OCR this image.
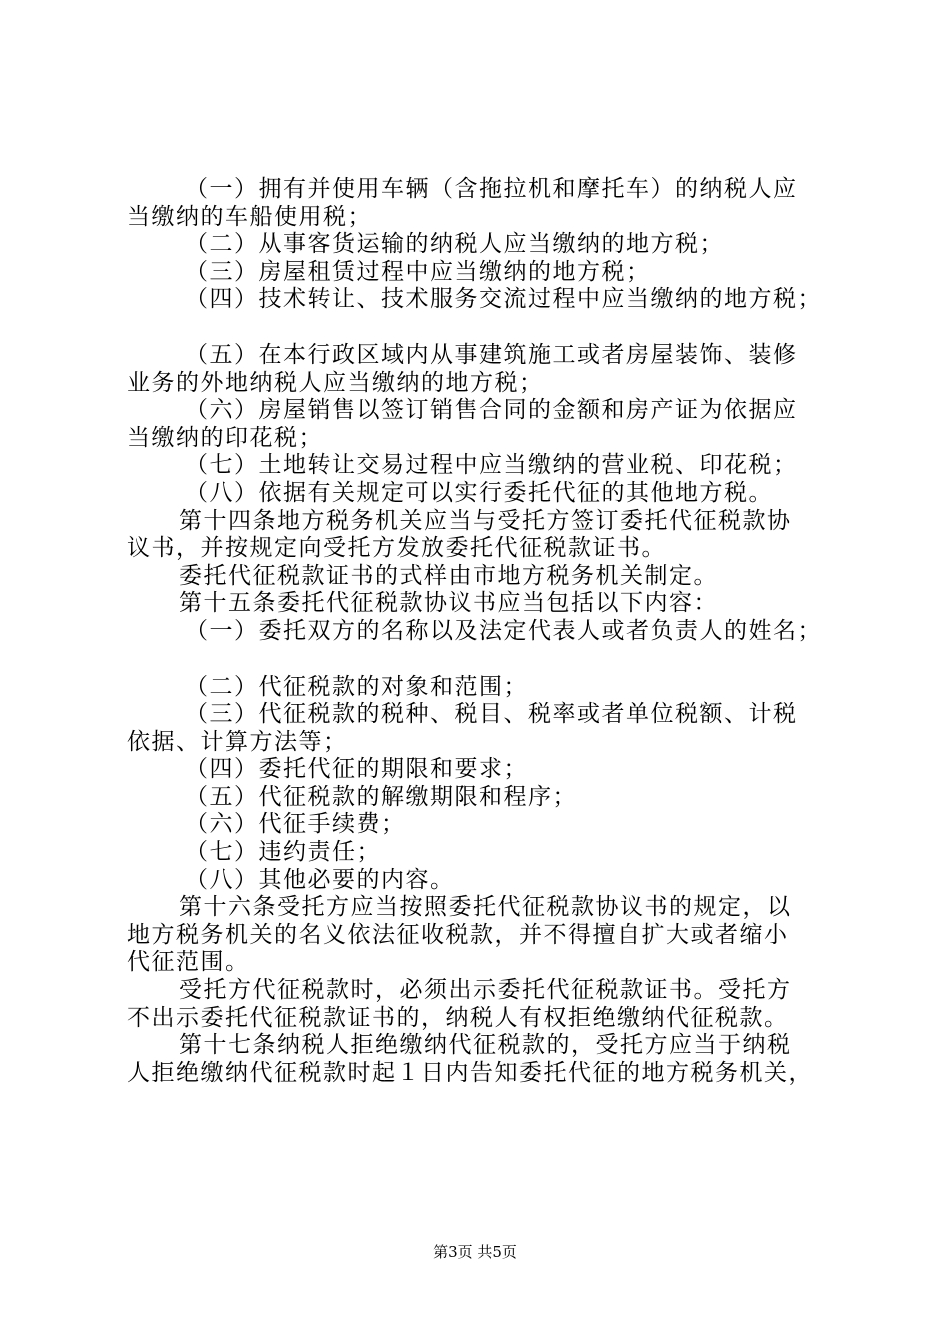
（一）拥有并使用车辆（含拖拉机和摩托车）的纳税人应
当缴纳的车船使用税；
（二）从事客货运输的纳税人应当缴纳的地方税；
（三）房屋租赁过程中应当缴纳的地方税；
（四）技术转让、技术服务交流过程中应当缴纳的地方税；
（五）在本行政区域内从事建筑施工或者房屋装饰、装修
业务的外地纳税人应当缴纳的地方税；
（六）房屋销售以签订销售合同的金额和房产证为依据应
当缴纳的印花税；
（七）土地转让交易过程中应当缴纳的营业税、印花税；
（八）依据有关规定可以实行委托代征的其他地方税。
第十四条地方税务机关应当与受托方签订委托代征税款协
议书，并按规定向受托方发放委托代征税款证书。
委托代征税款证书的式样由市地方税务机关制定。
第十五条委托代征税款协议书应当包括以下内容：
（一）委托双方的名称以及法定代表人或者负责人的姓名；
（二）代征税款的对象和范围；
（三）代征税款的税种、税目、税率或者单位税额、计税
依据、计算方法等；
（四）委托代征的期限和要求；
（五）代征税款的解缴期限和程序；
（六）代征手续费；
（七）违约责任；
（八）其他必要的内容。
第十六条受托方应当按照委托代征税款协议书的规定，以
地方税务机关的名义依法征收税款，并不得擅自扩大或者缩小
代征范围。
受托方代征税款时，必须出示委托代征税款证书。受托方
不出示委托代征税款证书的，纳税人有权拒绝缴纳代征税款。
第十七条纳税人拒绝缴纳代征税款的，受托方应当于纳税
人拒绝缴纳代征税款时起１日内告知委托代征的地方税务机关，
第3页 共5页
